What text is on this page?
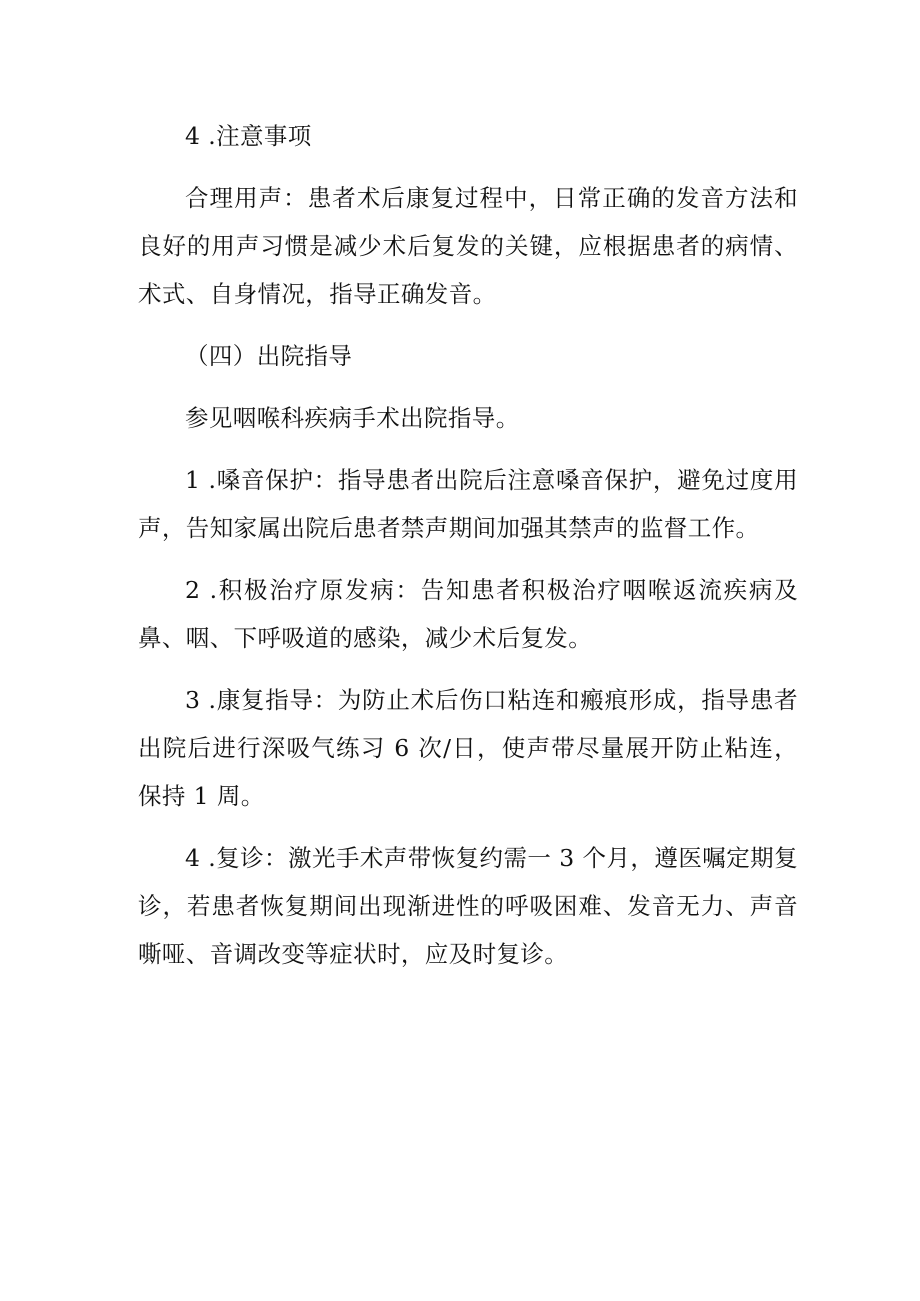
4 .注意事项

合理用声：患者术后康复过程中，日常正确的发音方法和良好的用声习惯是减少术后复发的关键，应根据患者的病情、术式、自身情况，指导正确发音。

（四）出院指导

参见咽喉科疾病手术出院指导。

1 .嗓音保护：指导患者出院后注意嗓音保护，避免过度用声，告知家属出院后患者禁声期间加强其禁声的监督工作。

2 .积极治疗原发病：告知患者积极治疗咽喉返流疾病及鼻、咽、下呼吸道的感染，减少术后复发。

3 .康复指导：为防止术后伤口粘连和瘢痕形成，指导患者出院后进行深吸气练习 6 次/日，使声带尽量展开防止粘连，保持 1 周。

4 .复诊：激光手术声带恢复约需一 3 个月，遵医嘱定期复诊，若患者恢复期间出现渐进性的呼吸困难、发音无力、声音嘶哑、音调改变等症状时，应及时复诊。
